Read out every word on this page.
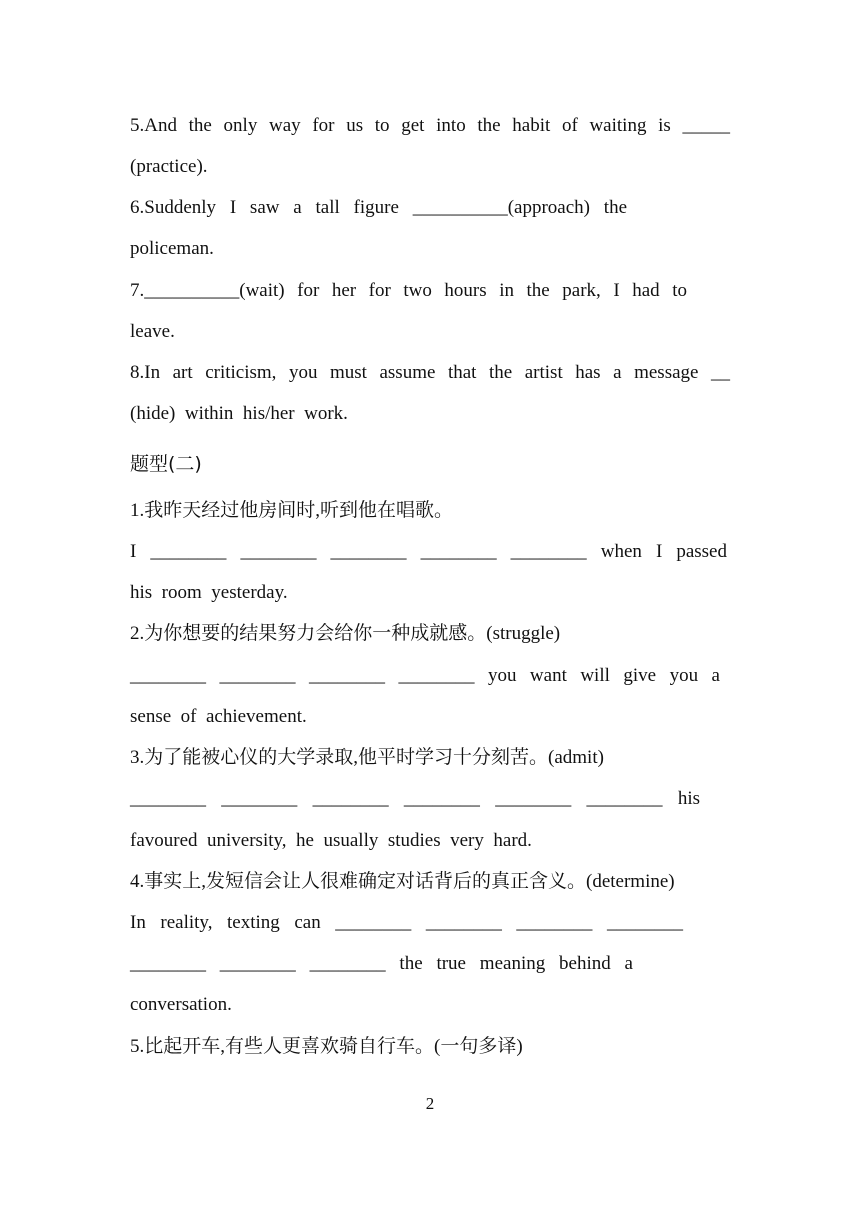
5.And the only way for us to get into the habit of waiting is _____

(practice).

6.Suddenly I saw a tall figure __________(approach) the

policeman.

7.__________(wait) for her for two hours in the park, I had to

leave.

8.In art criticism, you must assume that the artist has a message __

(hide)  within  his/her  work.

题型(二)

1.我昨天经过他房间时,听到他在唱歌。

I ________ ________ ________ ________ ________ when I passed

his  room  yesterday.

2.为你想要的结果努力会给你一种成就感。(struggle)

________ ________ ________ ________ you want will give you a

sense  of  achievement.

3.为了能被心仪的大学录取,他平时学习十分刻苦。(admit)

________ ________ ________ ________ ________ ________ his

favoured  university,  he  usually  studies  very  hard.

4.事实上,发短信会让人很难确定对话背后的真正含义。(determine)

In reality, texting can ________ ________ ________ ________

________ ________ ________ the true meaning behind a

conversation.

5.比起开车,有些人更喜欢骑自行车。(一句多译)

2
